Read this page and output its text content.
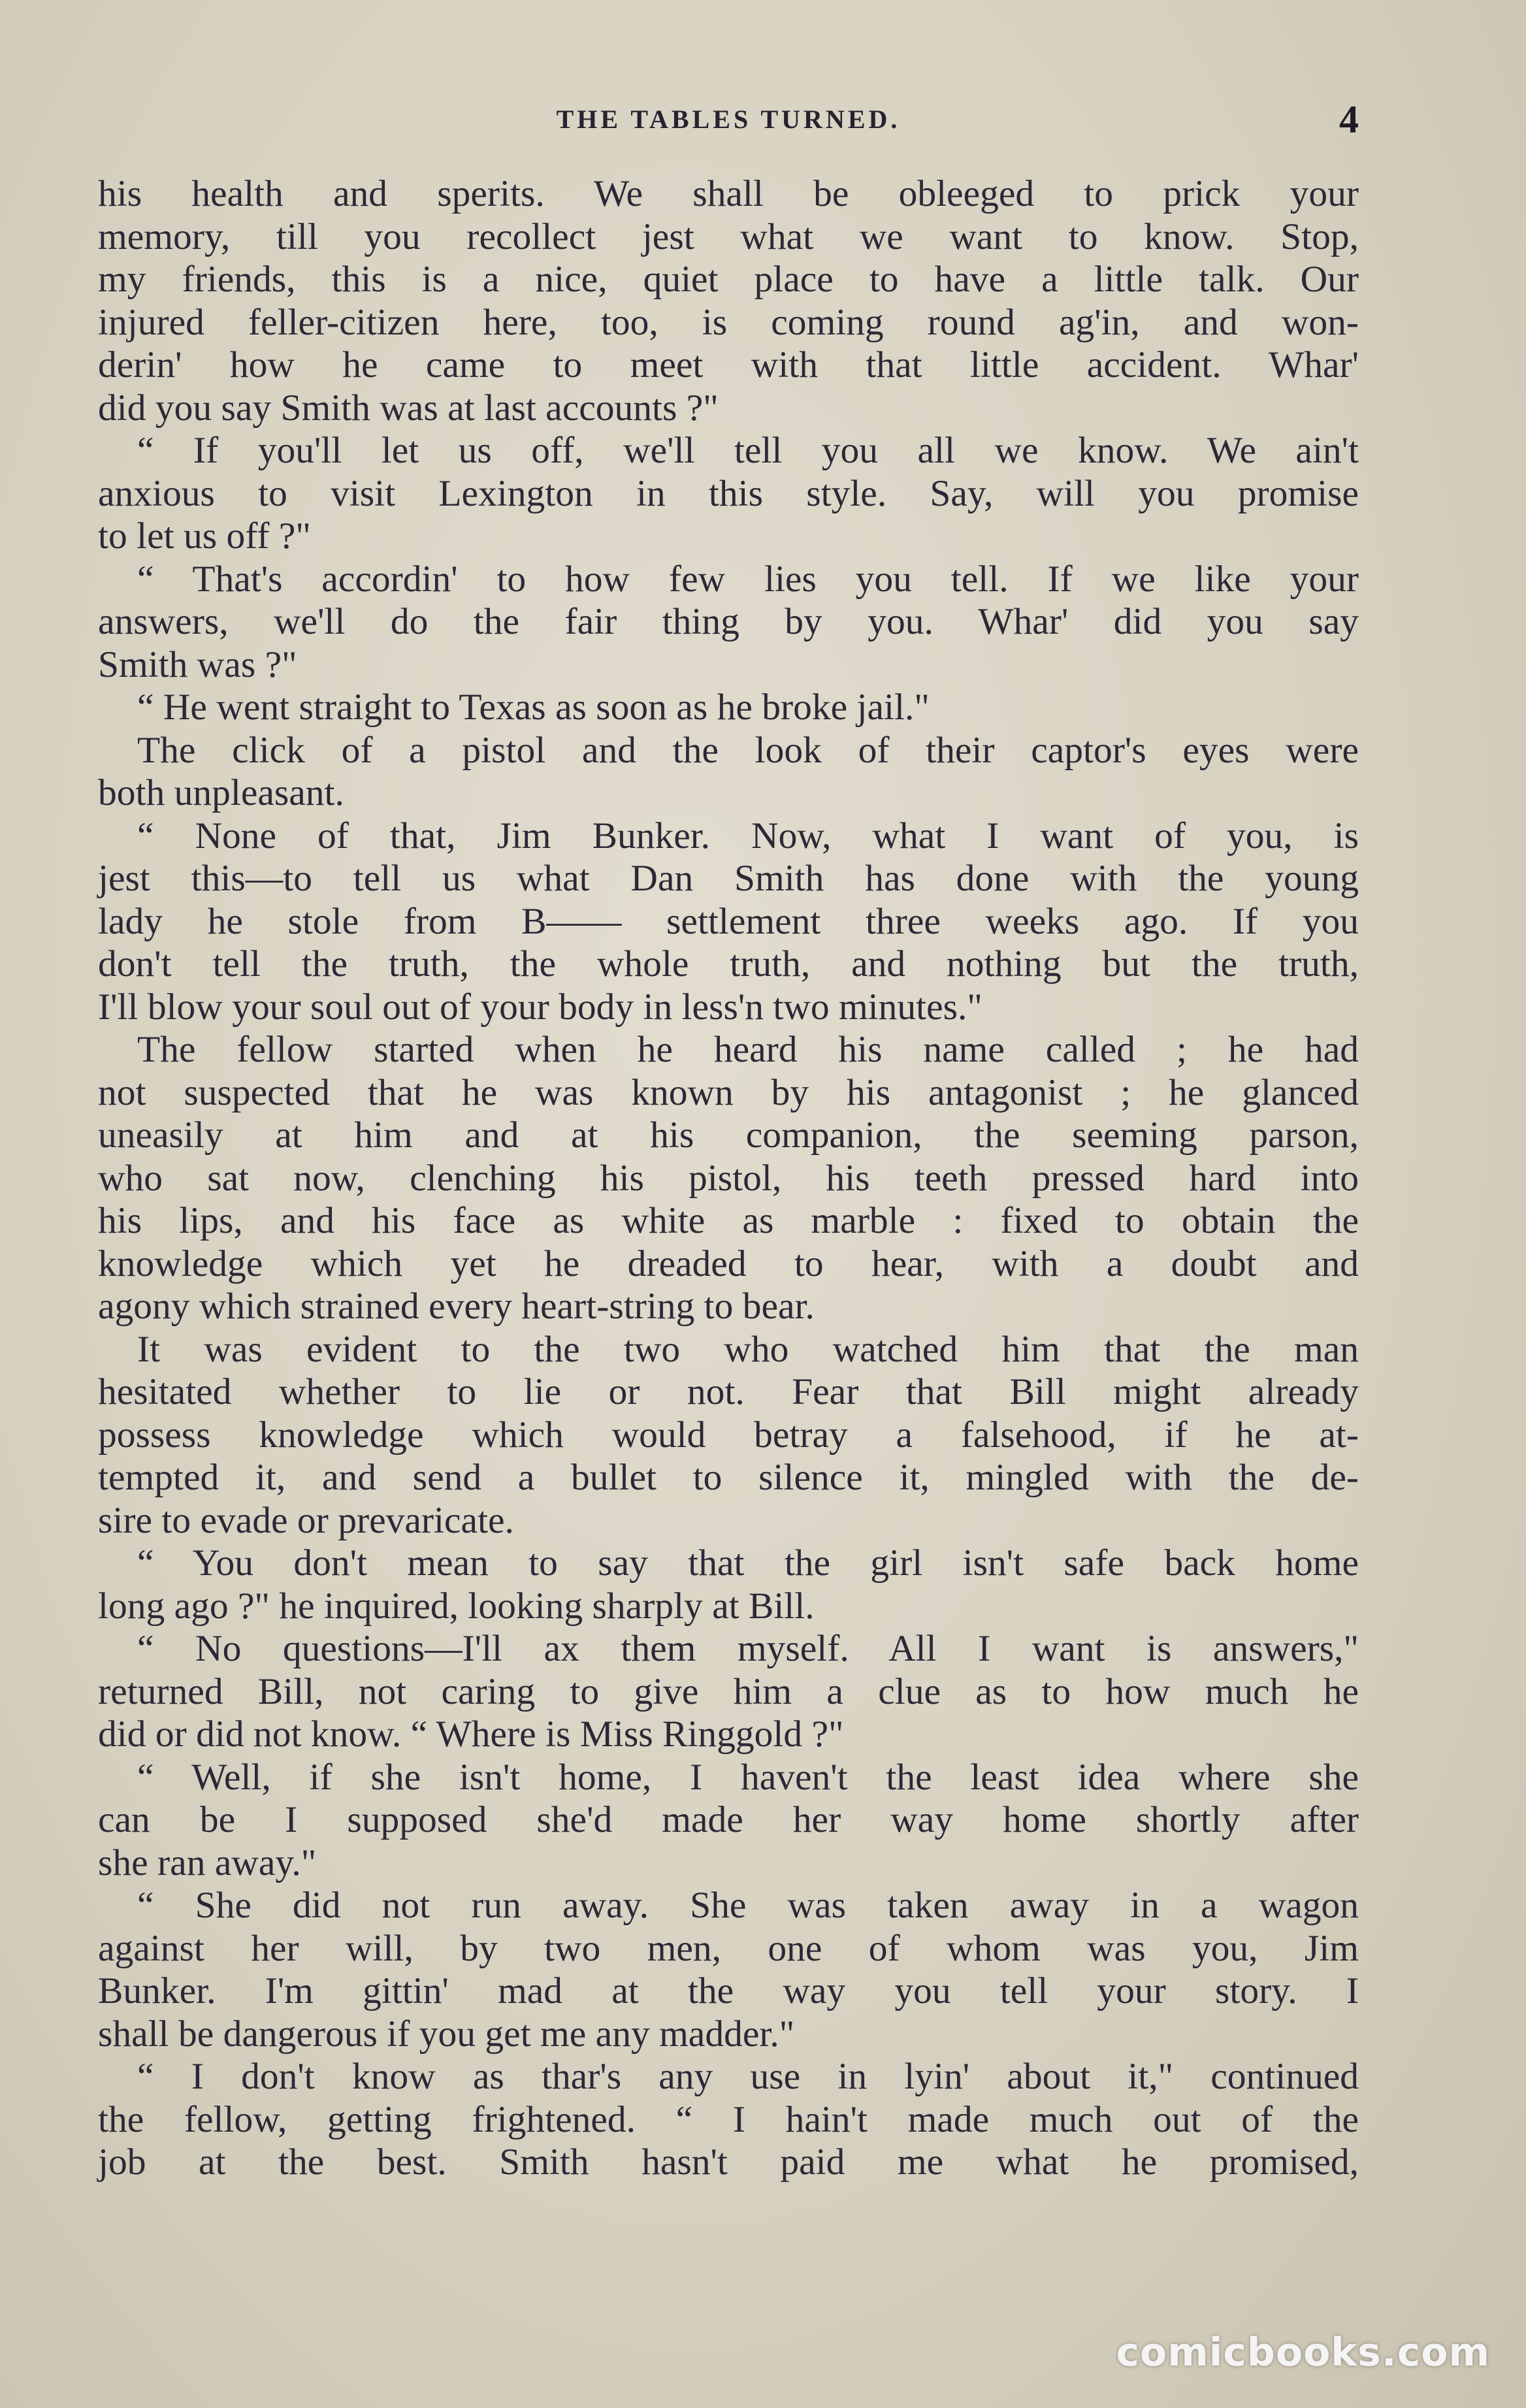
THE TABLES TURNED.	4
his health and sperits. We shall be obleeged to prick your
memory, till you recollect jest what we want to know. Stop,
my friends, this is a nice, quiet place to have a little talk. Our
injured feller-citizen here, too, is coming round ag'in, and won-
derin' how he came to meet with that little accident. Whar'
did you say Smith was at last accounts ?"
“ If you'll let us off, we'll tell you all we know. We ain't
anxious to visit Lexington in this style. Say, will you promise
to let us off ?"
“ That's accordin' to how few lies you tell. If we like your
answers, we'll do the fair thing by you. Whar' did you say
Smith was ?"
“ He went straight to Texas as soon as he broke jail."
The click of a pistol and the look of their captor's eyes were
both unpleasant.
“ None of that, Jim Bunker. Now, what I want of you, is
jest this—to tell us what Dan Smith has done with the young
lady he stole from B—— settlement three weeks ago. If you
don't tell the truth, the whole truth, and nothing but the truth,
I'll blow your soul out of your body in less'n two minutes."
The fellow started when he heard his name called ; he had
not suspected that he was known by his antagonist ; he glanced
uneasily at him and at his companion, the seeming parson,
who sat now, clenching his pistol, his teeth pressed hard into
his lips, and his face as white as marble : fixed to obtain the
knowledge which yet he dreaded to hear, with a doubt and
agony which strained every heart-string to bear.
It was evident to the two who watched him that the man
hesitated whether to lie or not. Fear that Bill might already
possess knowledge which would betray a falsehood, if he at-
tempted it, and send a bullet to silence it, mingled with the de-
sire to evade or prevaricate.
“ You don't mean to say that the girl isn't safe back home
long ago ?" he inquired, looking sharply at Bill.
“ No questions—I'll ax them myself. All I want is answers,"
returned Bill, not caring to give him a clue as to how much he
did or did not know. “ Where is Miss Ringgold ?"
“ Well, if she isn't home, I haven't the least idea where she
can be I supposed she'd made her way home shortly after
she ran away."
“ She did not run away. She was taken away in a wagon
against her will, by two men, one of whom was you, Jim
Bunker. I'm gittin' mad at the way you tell your story. I
shall be dangerous if you get me any madder."
“ I don't know as thar's any use in lyin' about it," continued
the fellow, getting frightened. “ I hain't made much out of the
job at the best. Smith hasn't paid me what he promised,
comicbooks.com
